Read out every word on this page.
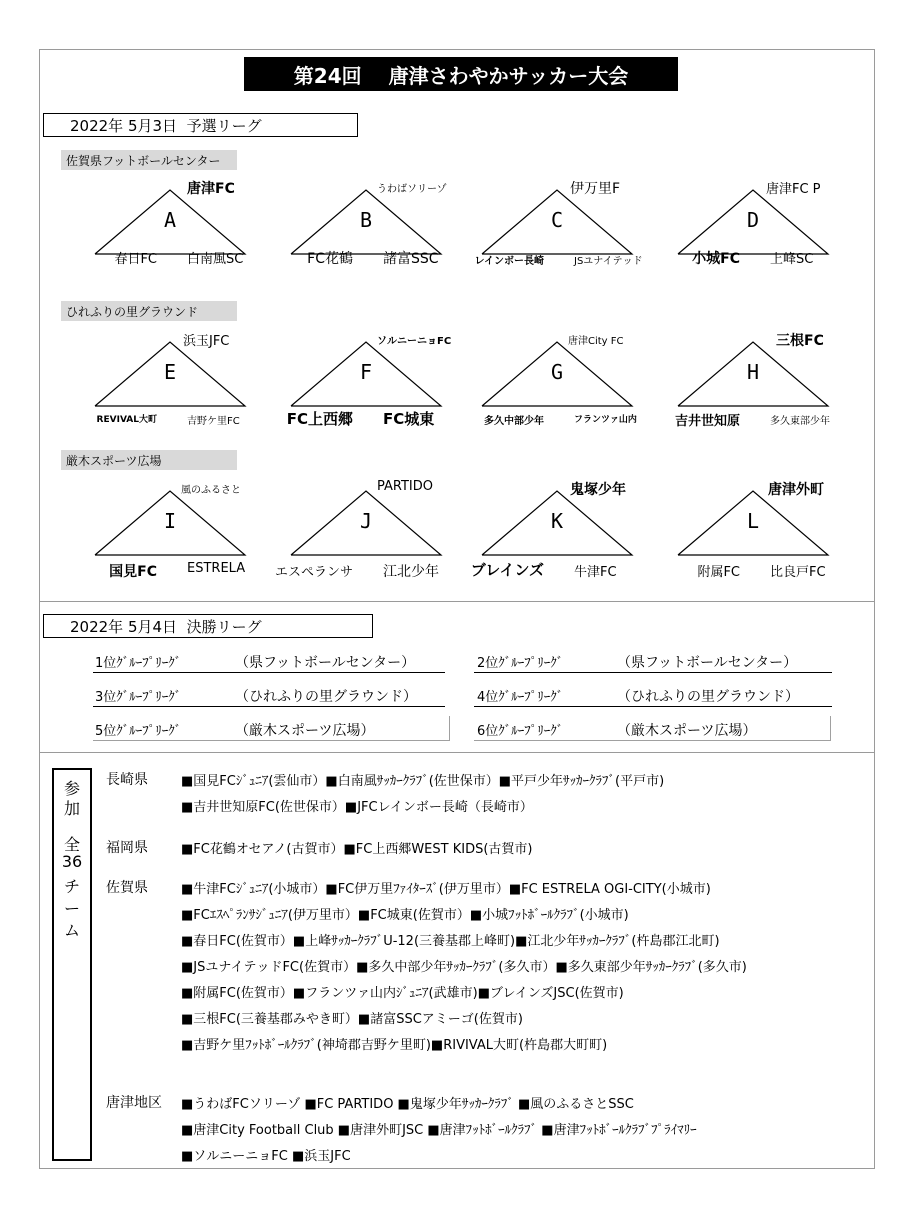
第24回　 唐津さわやかサッカー大会
2022年 5月3日  予選リーグ
佐賀県フットボールセンター
ひれふりの里グラウンド
厳木スポーツ広場
唐津FC
A
春日FC 白南風SC
うわばソリーゾ
B
FC花鶴 諸富SSC
伊万里F
C
レインボー長崎	JSユナイテッド
唐津FC P
D
小城FC 上峰SC
浜玉JFC
E
REVIVAL大町	吉野ケ里FC
ソルニーニョFC
F
FC上西郷 FC城東
唐津City FC
G
多久中部少年	フランツァ山内
三根FC
H
吉井世知原	多久東部少年
風のふるさと
I
国見FC ESTRELA
PARTIDO
J
エスペランサ 江北少年
鬼塚少年
K
ブレインズ 牛津FC
唐津外町
L
附属FC 比良戸FC
2022年 5月4日  決勝リーグ
1位ｸﾞﾙｰﾌﾟﾘｰｸﾞ	（県フットボールセンター）	2位ｸﾞﾙｰﾌﾟﾘｰｸﾞ	（県フットボールセンター）
3位ｸﾞﾙｰﾌﾟﾘｰｸﾞ	（ひれふりの里グラウンド）	4位ｸﾞﾙｰﾌﾟﾘｰｸﾞ	（ひれふりの里グラウンド）
5位ｸﾞﾙｰﾌﾟﾘｰｸﾞ	（厳木スポーツ広場）	6位ｸﾞﾙｰﾌﾟﾘｰｸﾞ	（厳木スポーツ広場）
参
加
全
36
チ
ー
ム
長崎県	■国見FCｼﾞｭﾆｱ(雲仙市）■白南風ｻｯｶｰｸﾗﾌﾞ(佐世保市）■平戸少年ｻｯｶｰｸﾗﾌﾞ(平戸市)
■吉井世知原FC(佐世保市）■JFCレインボー長崎（長崎市）
福岡県	■FC花鶴オセアノ(古賀市）■FC上西郷WEST KIDS(古賀市)
佐賀県	■牛津FCｼﾞｭﾆｱ(小城市）■FC伊万里ﾌｧｲﾀｰｽﾞ(伊万里市）■FC ESTRELA OGI-CITY(小城市)
■FCｴｽﾍﾟﾗﾝｻｼﾞｭﾆｱ(伊万里市）■FC城東(佐賀市）■小城ﾌｯﾄﾎﾞｰﾙｸﾗﾌﾞ(小城市)
■春日FC(佐賀市）■上峰ｻｯｶｰｸﾗﾌﾞU-12(三養基郡上峰町)■江北少年ｻｯｶｰｸﾗﾌﾞ(杵島郡江北町)
■JSユナイテッドFC(佐賀市）■多久中部少年ｻｯｶｰｸﾗﾌﾞ(多久市）■多久東部少年ｻｯｶｰｸﾗﾌﾞ(多久市)
■附属FC(佐賀市）■フランツァ山内ｼﾞｭﾆｱ(武雄市)■ブレインズJSC(佐賀市)
■三根FC(三養基郡みやき町）■諸富SSCアミーゴ(佐賀市)
■吉野ケ里ﾌｯﾄﾎﾞｰﾙｸﾗﾌﾞ(神埼郡吉野ケ里町)■RIVIVAL大町(杵島郡大町町)
唐津地区 ■うわばFCソリーゾ ■FC PARTIDO ■鬼塚少年ｻｯｶｰｸﾗﾌﾞ ■風のふるさとSSC
■唐津City Football Club ■唐津外町JSC ■唐津ﾌｯﾄﾎﾞｰﾙｸﾗﾌﾞ ■唐津ﾌｯﾄﾎﾞｰﾙｸﾗﾌﾞﾌﾟﾗｲﾏﾘｰ
■ソルニーニョFC ■浜玉JFC
